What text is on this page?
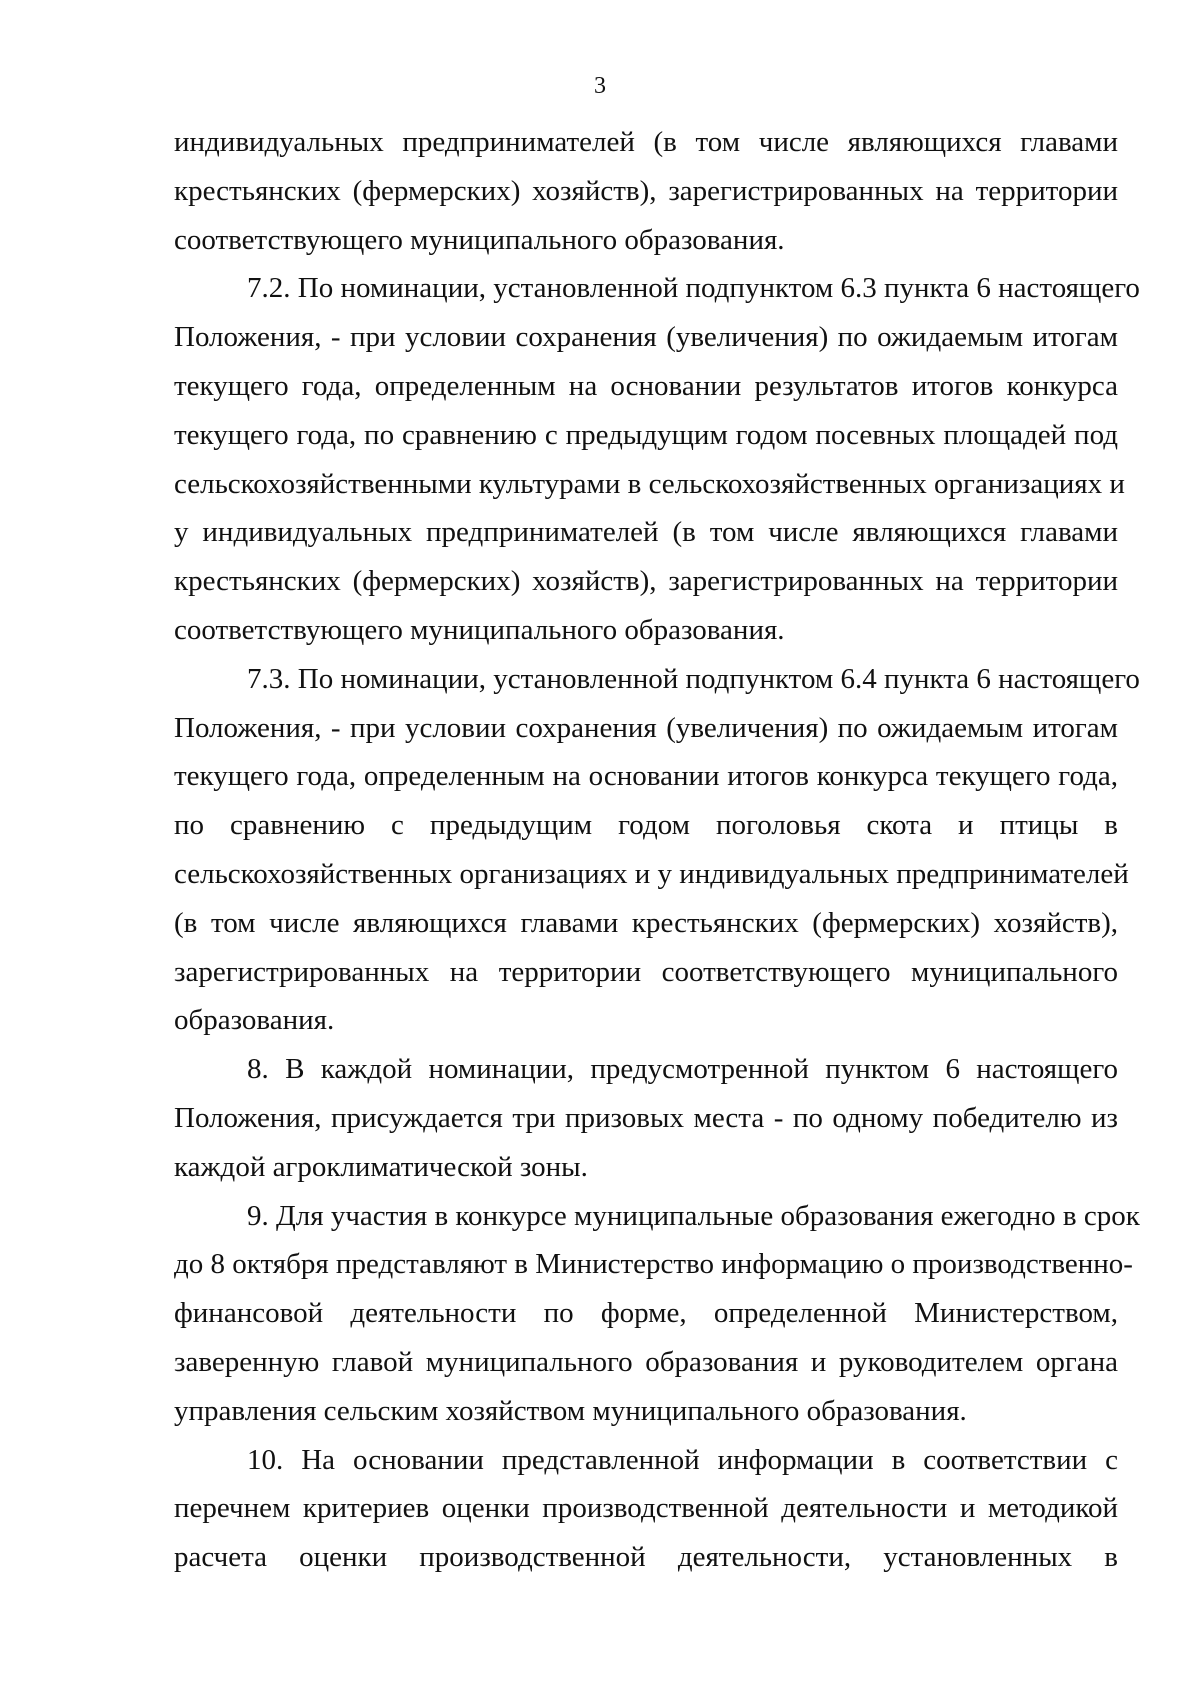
3
индивидуальных предпринимателей (в том числе являющихся главами
крестьянских (фермерских) хозяйств), зарегистрированных на территории
соответствующего муниципального образования.
7.2. По номинации, установленной подпунктом 6.3 пункта 6 настоящего
Положения, - при условии сохранения (увеличения) по ожидаемым итогам
текущего года, определенным на основании результатов итогов конкурса
текущего года, по сравнению с предыдущим годом посевных площадей под
сельскохозяйственными культурами в сельскохозяйственных организациях и
у индивидуальных предпринимателей (в том числе являющихся главами
крестьянских (фермерских) хозяйств), зарегистрированных на территории
соответствующего муниципального образования.
7.3. По номинации, установленной подпунктом 6.4 пункта 6 настоящего
Положения, - при условии сохранения (увеличения) по ожидаемым итогам
текущего года, определенным на основании итогов конкурса текущего года,
по сравнению с предыдущим годом поголовья скота и птицы в
сельскохозяйственных организациях и у индивидуальных предпринимателей
(в том числе являющихся главами крестьянских (фермерских) хозяйств),
зарегистрированных на территории соответствующего муниципального
образования.
8. В каждой номинации, предусмотренной пунктом 6 настоящего
Положения, присуждается три призовых места - по одному победителю из
каждой агроклиматической зоны.
9. Для участия в конкурсе муниципальные образования ежегодно в срок
до 8 октября представляют в Министерство информацию о производственно-
финансовой деятельности по форме, определенной Министерством,
заверенную главой муниципального образования и руководителем органа
управления сельским хозяйством муниципального образования.
10. На основании представленной информации в соответствии с
перечнем критериев оценки производственной деятельности и методикой
расчета оценки производственной деятельности, установленных в
